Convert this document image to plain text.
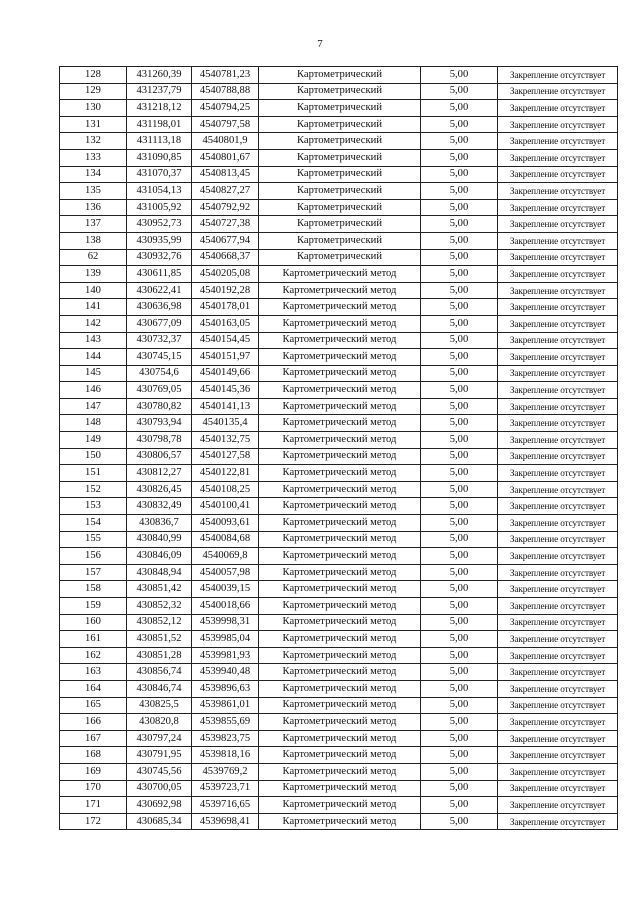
7
128	431260,39	4540781,23	Картометрический	5,00	Закрепление отсутствует
129	431237,79	4540788,88	Картометрический	5,00	Закрепление отсутствует
130	431218,12	4540794,25	Картометрический	5,00	Закрепление отсутствует
131	431198,01	4540797,58	Картометрический	5,00	Закрепление отсутствует
132	431113,18	4540801,9	Картометрический	5,00	Закрепление отсутствует
133	431090,85	4540801,67	Картометрический	5,00	Закрепление отсутствует
134	431070,37	4540813,45	Картометрический	5,00	Закрепление отсутствует
135	431054,13	4540827,27	Картометрический	5,00	Закрепление отсутствует
136	431005,92	4540792,92	Картометрический	5,00	Закрепление отсутствует
137	430952,73	4540727,38	Картометрический	5,00	Закрепление отсутствует
138	430935,99	4540677,94	Картометрический	5,00	Закрепление отсутствует
62	430932,76	4540668,37	Картометрический	5,00	Закрепление отсутствует
139	430611,85	4540205,08	Картометрический метод	5,00	Закрепление отсутствует
140	430622,41	4540192,28	Картометрический метод	5,00	Закрепление отсутствует
141	430636,98	4540178,01	Картометрический метод	5,00	Закрепление отсутствует
142	430677,09	4540163,05	Картометрический метод	5,00	Закрепление отсутствует
143	430732,37	4540154,45	Картометрический метод	5,00	Закрепление отсутствует
144	430745,15	4540151,97	Картометрический метод	5,00	Закрепление отсутствует
145	430754,6	4540149,66	Картометрический метод	5,00	Закрепление отсутствует
146	430769,05	4540145,36	Картометрический метод	5,00	Закрепление отсутствует
147	430780,82	4540141,13	Картометрический метод	5,00	Закрепление отсутствует
148	430793,94	4540135,4	Картометрический метод	5,00	Закрепление отсутствует
149	430798,78	4540132,75	Картометрический метод	5,00	Закрепление отсутствует
150	430806,57	4540127,58	Картометрический метод	5,00	Закрепление отсутствует
151	430812,27	4540122,81	Картометрический метод	5,00	Закрепление отсутствует
152	430826,45	4540108,25	Картометрический метод	5,00	Закрепление отсутствует
153	430832,49	4540100,41	Картометрический метод	5,00	Закрепление отсутствует
154	430836,7	4540093,61	Картометрический метод	5,00	Закрепление отсутствует
155	430840,99	4540084,68	Картометрический метод	5,00	Закрепление отсутствует
156	430846,09	4540069,8	Картометрический метод	5,00	Закрепление отсутствует
157	430848,94	4540057,98	Картометрический метод	5,00	Закрепление отсутствует
158	430851,42	4540039,15	Картометрический метод	5,00	Закрепление отсутствует
159	430852,32	4540018,66	Картометрический метод	5,00	Закрепление отсутствует
160	430852,12	4539998,31	Картометрический метод	5,00	Закрепление отсутствует
161	430851,52	4539985,04	Картометрический метод	5,00	Закрепление отсутствует
162	430851,28	4539981,93	Картометрический метод	5,00	Закрепление отсутствует
163	430856,74	4539940,48	Картометрический метод	5,00	Закрепление отсутствует
164	430846,74	4539896,63	Картометрический метод	5,00	Закрепление отсутствует
165	430825,5	4539861,01	Картометрический метод	5,00	Закрепление отсутствует
166	430820,8	4539855,69	Картометрический метод	5,00	Закрепление отсутствует
167	430797,24	4539823,75	Картометрический метод	5,00	Закрепление отсутствует
168	430791,95	4539818,16	Картометрический метод	5,00	Закрепление отсутствует
169	430745,56	4539769,2	Картометрический метод	5,00	Закрепление отсутствует
170	430700,05	4539723,71	Картометрический метод	5,00	Закрепление отсутствует
171	430692,98	4539716,65	Картометрический метод	5,00	Закрепление отсутствует
172	430685,34	4539698,41	Картометрический метод	5,00	Закрепление отсутствует
